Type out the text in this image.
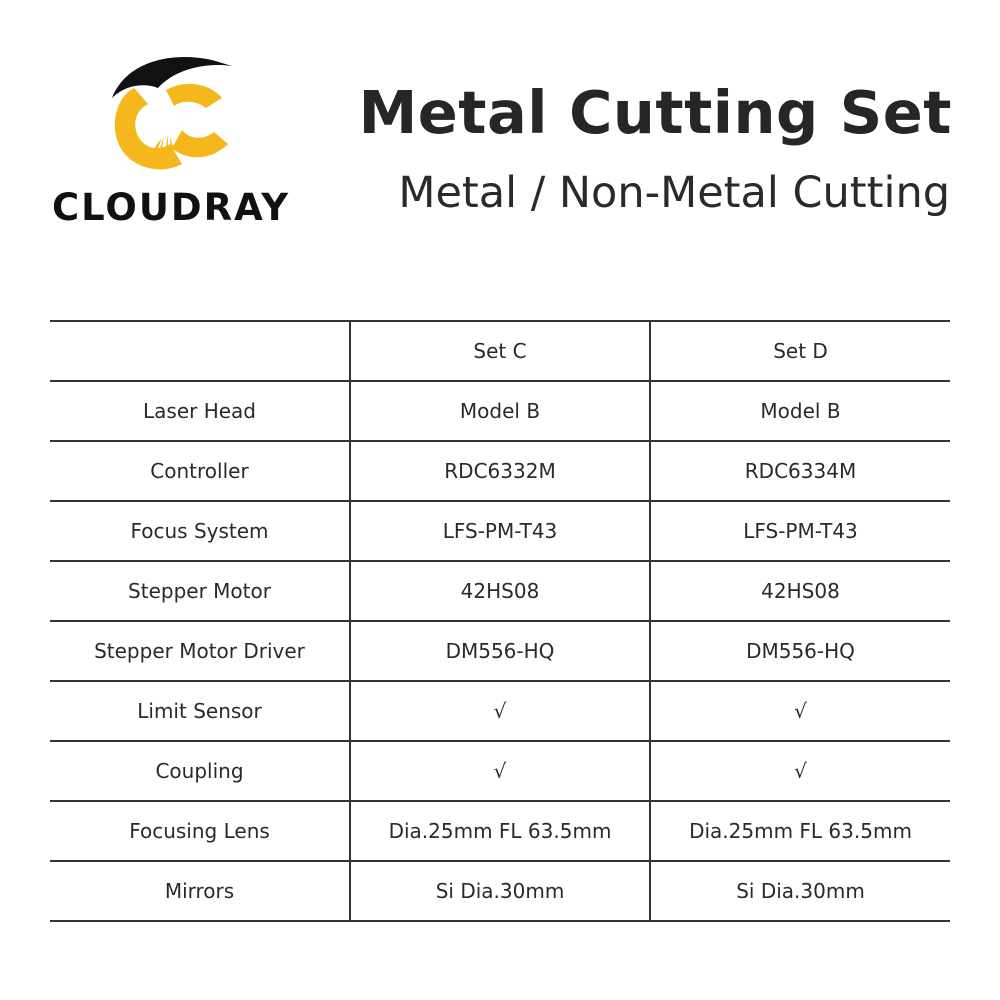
CLOUDRAY
Metal Cutting Set
Metal / Non-Metal Cutting
	Set C	Set D
Laser Head	Model B	Model B
Controller	RDC6332M	RDC6334M
Focus System	LFS-PM-T43	LFS-PM-T43
Stepper Motor	42HS08	42HS08
Stepper Motor Driver	DM556-HQ	DM556-HQ
Limit Sensor	√	√
Coupling	√	√
Focusing Lens	Dia.25mm FL 63.5mm	Dia.25mm FL 63.5mm
Mirrors	Si Dia.30mm	Si Dia.30mm
